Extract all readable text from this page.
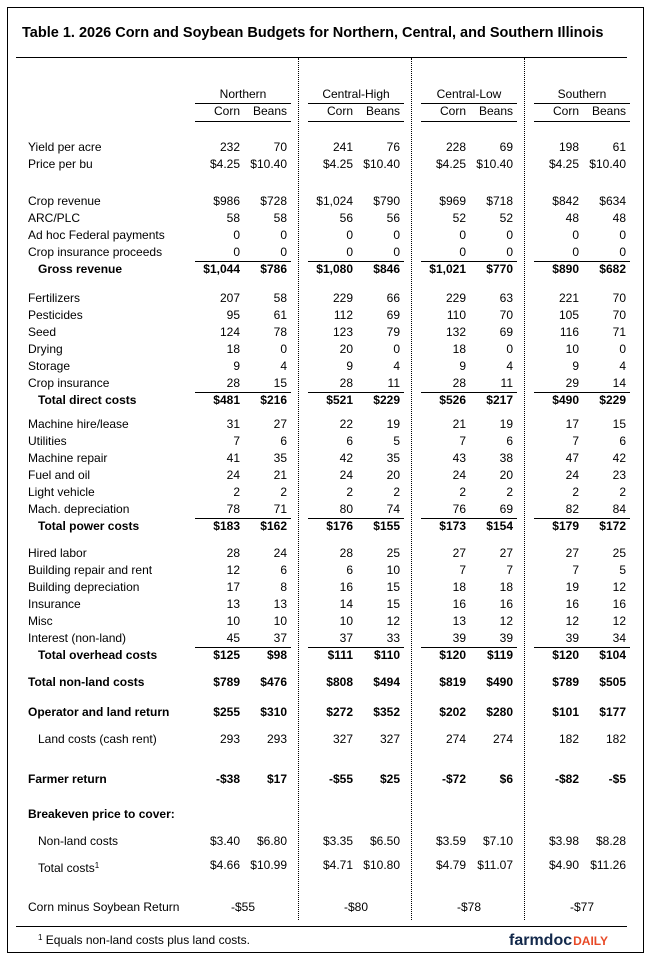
Table 1. 2026 Corn and Soybean Budgets for Northern, Central, and Southern Illinois
Northern	Central-High	Central-Low	Southern
Corn	Beans	Corn	Beans	Corn	Beans	Corn	Beans
Yield per acre	232	70	241	76	228	69	198	61
Price per bu	$4.25 $10.40	$4.25 $10.40	$4.25 $10.40	$4.25 $10.40
Crop revenue	$986	$728	$1,024	$790	$969	$718	$842	$634
ARC/PLC	58	58	56	56	52	52	48	48
Ad hoc Federal payments	0	0	0	0	0	0	0	0
Crop insurance proceeds	0	0	0	0	0	0	0	0
Gross revenue	$1,044	$786	$1,080	$846	$1,021	$770	$890	$682
Fertilizers	207	58	229	66	229	63	221	70
Pesticides	95	61	112	69	110	70	105	70
Seed	124	78	123	79	132	69	116	71
Drying	18	0	20	0	18	0	10	0
Storage	9	4	9	4	9	4	9	4
Crop insurance	28	15	28	11	28	11	29	14
Total direct costs	$481	$216	$521	$229	$526	$217	$490	$229
Machine hire/lease	31	27	22	19	21	19	17	15
Utilities	7	6	6	5	7	6	7	6
Machine repair	41	35	42	35	43	38	47	42
Fuel and oil	24	21	24	20	24	20	24	23
Light vehicle	2	2	2	2	2	2	2	2
Mach. depreciation	78	71	80	74	76	69	82	84
Total power costs	$183	$162	$176	$155	$173	$154	$179	$172
Hired labor	28	24	28	25	27	27	27	25
Building repair and rent	12	6	6	10	7	7	7	5
Building depreciation	17	8	16	15	18	18	19	12
Insurance	13	13	14	15	16	16	16	16
Misc	10	10	10	12	13	12	12	12
Interest (non-land)	45	37	37	33	39	39	39	34
Total overhead costs	$125	$98	$111	$110	$120	$119	$120	$104
Total non-land costs	$789	$476	$808	$494	$819	$490	$789	$505
Operator and land return	$255	$310	$272	$352	$202	$280	$101	$177
Land costs (cash rent)	293	293	327	327	274	274	182	182
Farmer return	-$38	$17	-$55	$25	-$72	$6	-$82	-$5
Breakeven price to cover:
Non-land costs	$3.40	$6.80	$3.35	$6.50	$3.59	$7.10	$3.98	$8.28
Total costs$^1$	$4.66 $10.99	$4.71 $10.80	$4.79 $11.07	$4.90 $11.26
Corn minus Soybean Return	-$55	-$80	-$78	-$77
$^1$ Equals non-land costs plus land costs.	farmdocDAILY
